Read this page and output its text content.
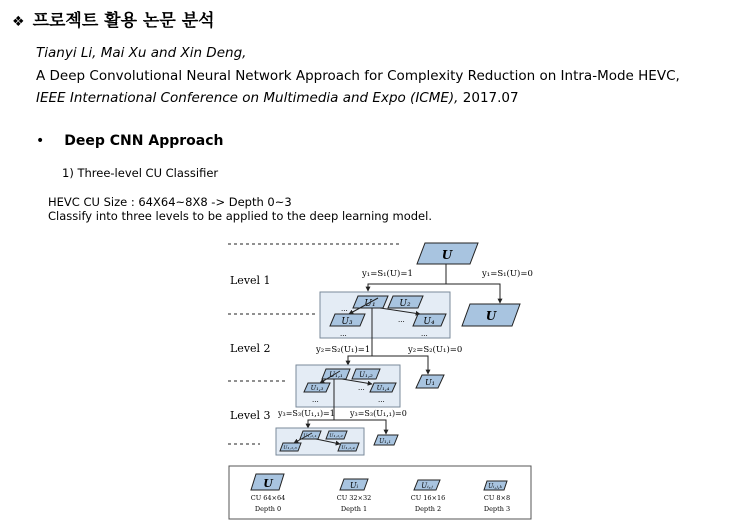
❖ 프로젝트 활용 논문 분석
Tianyi Li, Mai Xu and Xin Deng,
A Deep Convolutional Neural Network Approach for Complexity Reduction on Intra-Mode HEVC,
IEEE International Conference on Multimedia and Expo (ICME), 2017.07
• Deep CNN Approach
1) Three-level CU Classifier
HEVC CU Size : 64X64~8X8 -> Depth 0~3
Classify into three levels to be applied to the deep learning model.
Level 1
Level 2
Level 3
U
y₁=S₁(U)=1	y₁=S₁(U)=0
U
U₁	U₂
U₃	U₄
...
...
...
...
y₂=S₂(U₁)=1	y₂=S₂(U₁)=0
U₁,₁ U₁,₂
U₁,₃	U₁,₄
...
...
...
U₁
y₃=S₃(U₁,₁)=1 y₃=S₃(U₁,₁)=0
U₁,₁,₁	U₁,₁,₂
U₁,₁,₃	U₁,₁,₄
U₁,₁
U
CU 64×64
Depth 0
Uᵢ
CU 32×32
Depth 1
Uᵢ,ⱼ
CU 16×16
Depth 2
Uᵢ,ⱼ,ₖ
CU 8×8
Depth 3
